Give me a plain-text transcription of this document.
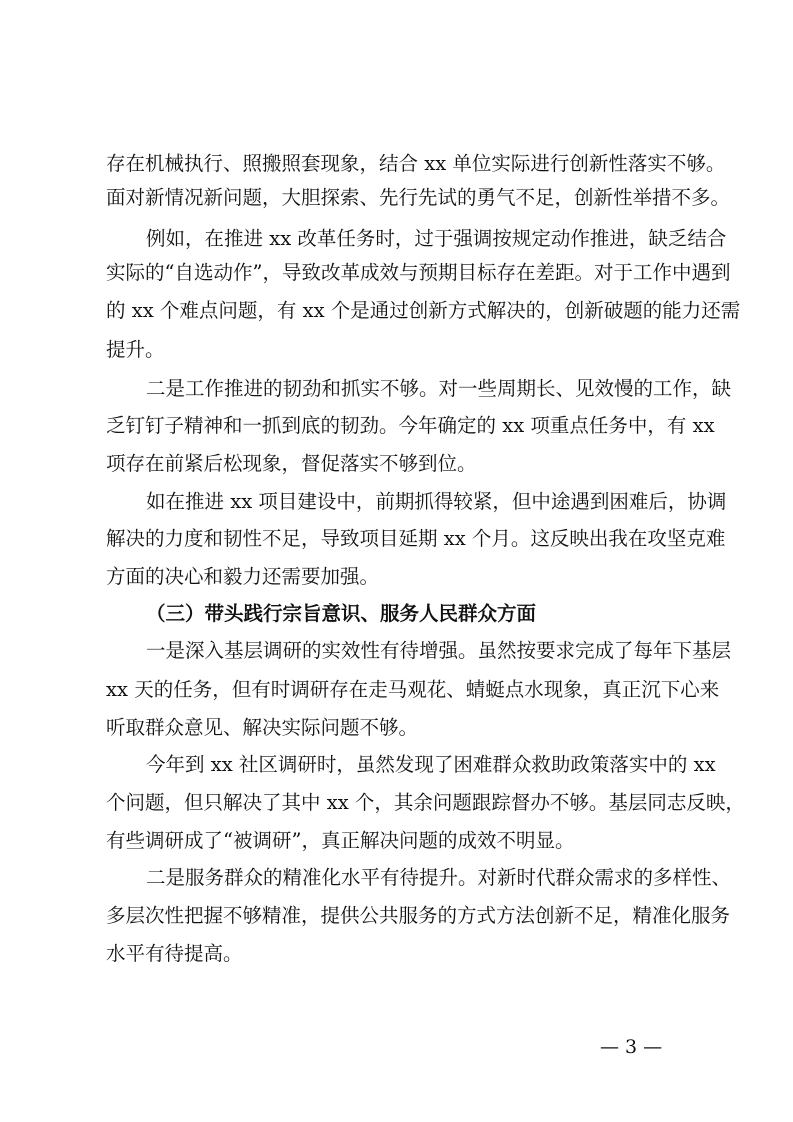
存在机械执行、照搬照套现象，结合 xx 单位实际进行创新性落实不够。
面对新情况新问题，大胆探索、先行先试的勇气不足，创新性举措不多。
例如，在推进 xx 改革任务时，过于强调按规定动作推进，缺乏结合
实际的“自选动作”，导致改革成效与预期目标存在差距。对于工作中遇到
的 xx 个难点问题，有 xx 个是通过创新方式解决的，创新破题的能力还需
提升。
二是工作推进的韧劲和抓实不够。对一些周期长、见效慢的工作，缺
乏钉钉子精神和一抓到底的韧劲。今年确定的 xx 项重点任务中，有 xx
项存在前紧后松现象，督促落实不够到位。
如在推进 xx 项目建设中，前期抓得较紧，但中途遇到困难后，协调
解决的力度和韧性不足，导致项目延期 xx 个月。这反映出我在攻坚克难
方面的决心和毅力还需要加强。
（三）带头践行宗旨意识、服务人民群众方面
一是深入基层调研的实效性有待增强。虽然按要求完成了每年下基层
xx 天的任务，但有时调研存在走马观花、蜻蜓点水现象，真正沉下心来
听取群众意见、解决实际问题不够。
今年到 xx 社区调研时，虽然发现了困难群众救助政策落实中的 xx
个问题，但只解决了其中 xx 个，其余问题跟踪督办不够。基层同志反映，
有些调研成了“被调研”，真正解决问题的成效不明显。
二是服务群众的精准化水平有待提升。对新时代群众需求的多样性、
多层次性把握不够精准，提供公共服务的方式方法创新不足，精准化服务
水平有待提高。
— 3 —
